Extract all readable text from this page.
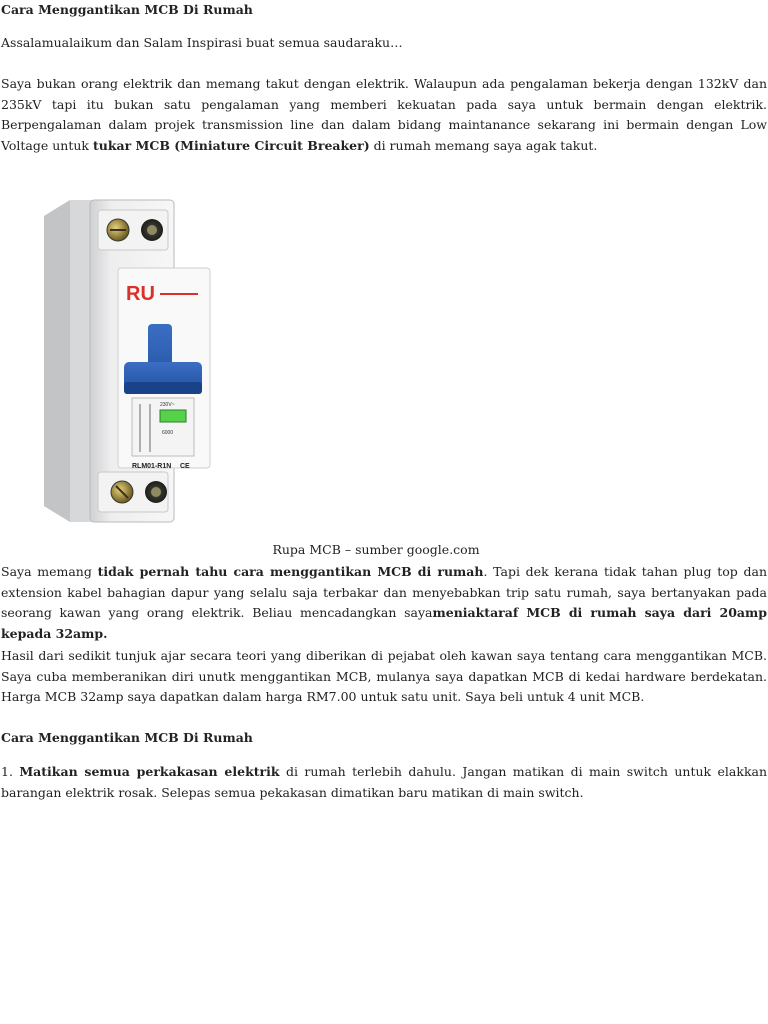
Cara Menggantikan MCB Di Rumah

Assalamualaikum dan Salam Inspirasi buat semua saudaraku…

Saya bukan orang elektrik dan memang takut dengan elektrik. Walaupun ada pengalaman bekerja dengan 132kV dan 235kV tapi itu bukan satu pengalaman yang memberi kekuatan pada saya untuk bermain dengan elektrik. Berpengalaman dalam projek transmission line dan dalam bidang maintanance sekarang ini bermain dengan Low Voltage untuk tukar MCB (Miniature Circuit Breaker) di rumah memang saya agak takut.

RU
230V~
6000
RLM01-R1N CE

Rupa MCB – sumber google.com

Saya memang tidak pernah tahu cara menggantikan MCB di rumah. Tapi dek kerana tidak tahan plug top dan extension kabel bahagian dapur yang selalu saja terbakar dan menyebabkan trip satu rumah, saya bertanyakan pada seorang kawan yang orang elektrik. Beliau mencadangkan sayameniaktaraf MCB di rumah saya dari 20amp kepada 32amp.

Hasil dari sedikit tunjuk ajar secara teori yang diberikan di pejabat oleh kawan saya tentang cara menggantikan MCB. Saya cuba memberanikan diri unutk menggantikan MCB, mulanya saya dapatkan MCB di kedai hardware berdekatan. Harga MCB 32amp saya dapatkan dalam harga RM7.00 untuk satu unit. Saya beli untuk 4 unit MCB.

Cara Menggantikan MCB Di Rumah

1. Matikan semua perkakasan elektrik di rumah terlebih dahulu. Jangan matikan di main switch untuk elakkan barangan elektrik rosak. Selepas semua pekakasan dimatikan baru matikan di main switch.
